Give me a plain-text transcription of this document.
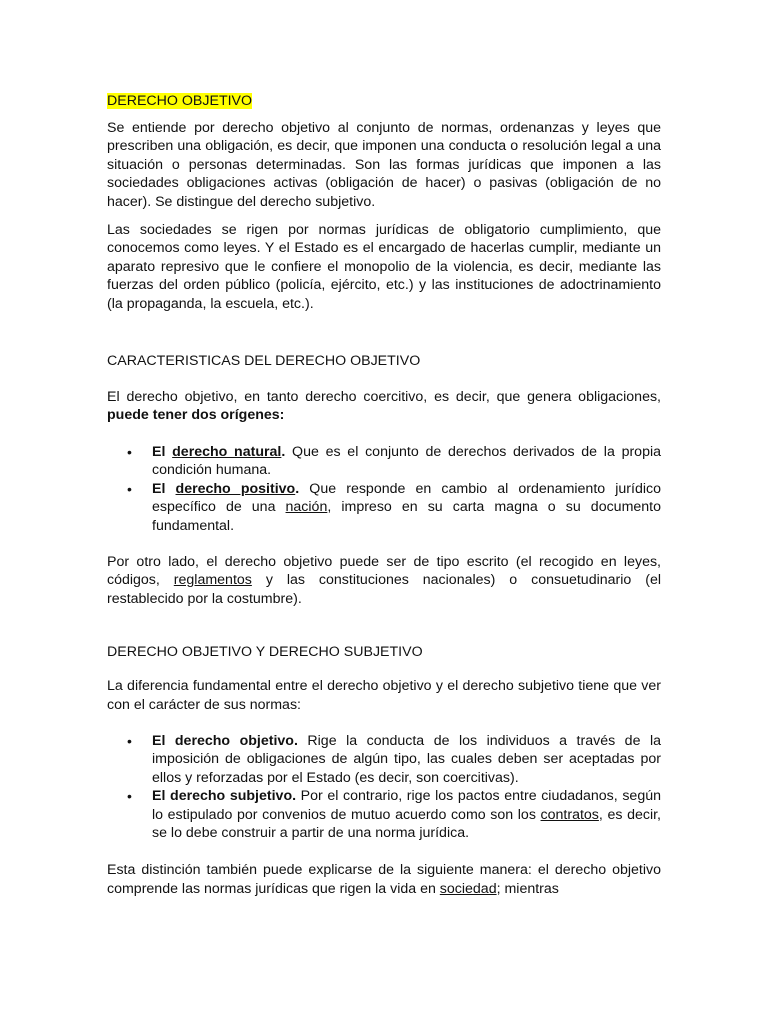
DERECHO OBJETIVO

Se entiende por derecho objetivo al conjunto de normas, ordenanzas y leyes que prescriben una obligación, es decir, que imponen una conducta o resolución legal a una situación o personas determinadas. Son las formas jurídicas que imponen a las sociedades obligaciones activas (obligación de hacer) o pasivas (obligación de no hacer). Se distingue del derecho subjetivo.

Las sociedades se rigen por normas jurídicas de obligatorio cumplimiento, que conocemos como leyes. Y el Estado es el encargado de hacerlas cumplir, mediante un aparato represivo que le confiere el monopolio de la violencia, es decir, mediante las fuerzas del orden público (policía, ejército, etc.) y las instituciones de adoctrinamiento (la propaganda, la escuela, etc.).

CARACTERISTICAS DEL DERECHO OBJETIVO

El derecho objetivo, en tanto derecho coercitivo, es decir, que genera obligaciones, puede tener dos orígenes:

• El derecho natural. Que es el conjunto de derechos derivados de la propia condición humana.
• El derecho positivo. Que responde en cambio al ordenamiento jurídico específico de una nación, impreso en su carta magna o su documento fundamental.

Por otro lado, el derecho objetivo puede ser de tipo escrito (el recogido en leyes, códigos, reglamentos y las constituciones nacionales) o consuetudinario (el restablecido por la costumbre).

DERECHO OBJETIVO Y DERECHO SUBJETIVO

La diferencia fundamental entre el derecho objetivo y el derecho subjetivo tiene que ver con el carácter de sus normas:

• El derecho objetivo. Rige la conducta de los individuos a través de la imposición de obligaciones de algún tipo, las cuales deben ser aceptadas por ellos y reforzadas por el Estado (es decir, son coercitivas).
• El derecho subjetivo. Por el contrario, rige los pactos entre ciudadanos, según lo estipulado por convenios de mutuo acuerdo como son los contratos, es decir, se lo debe construir a partir de una norma jurídica.

Esta distinción también puede explicarse de la siguiente manera: el derecho objetivo comprende las normas jurídicas que rigen la vida en sociedad; mientras
